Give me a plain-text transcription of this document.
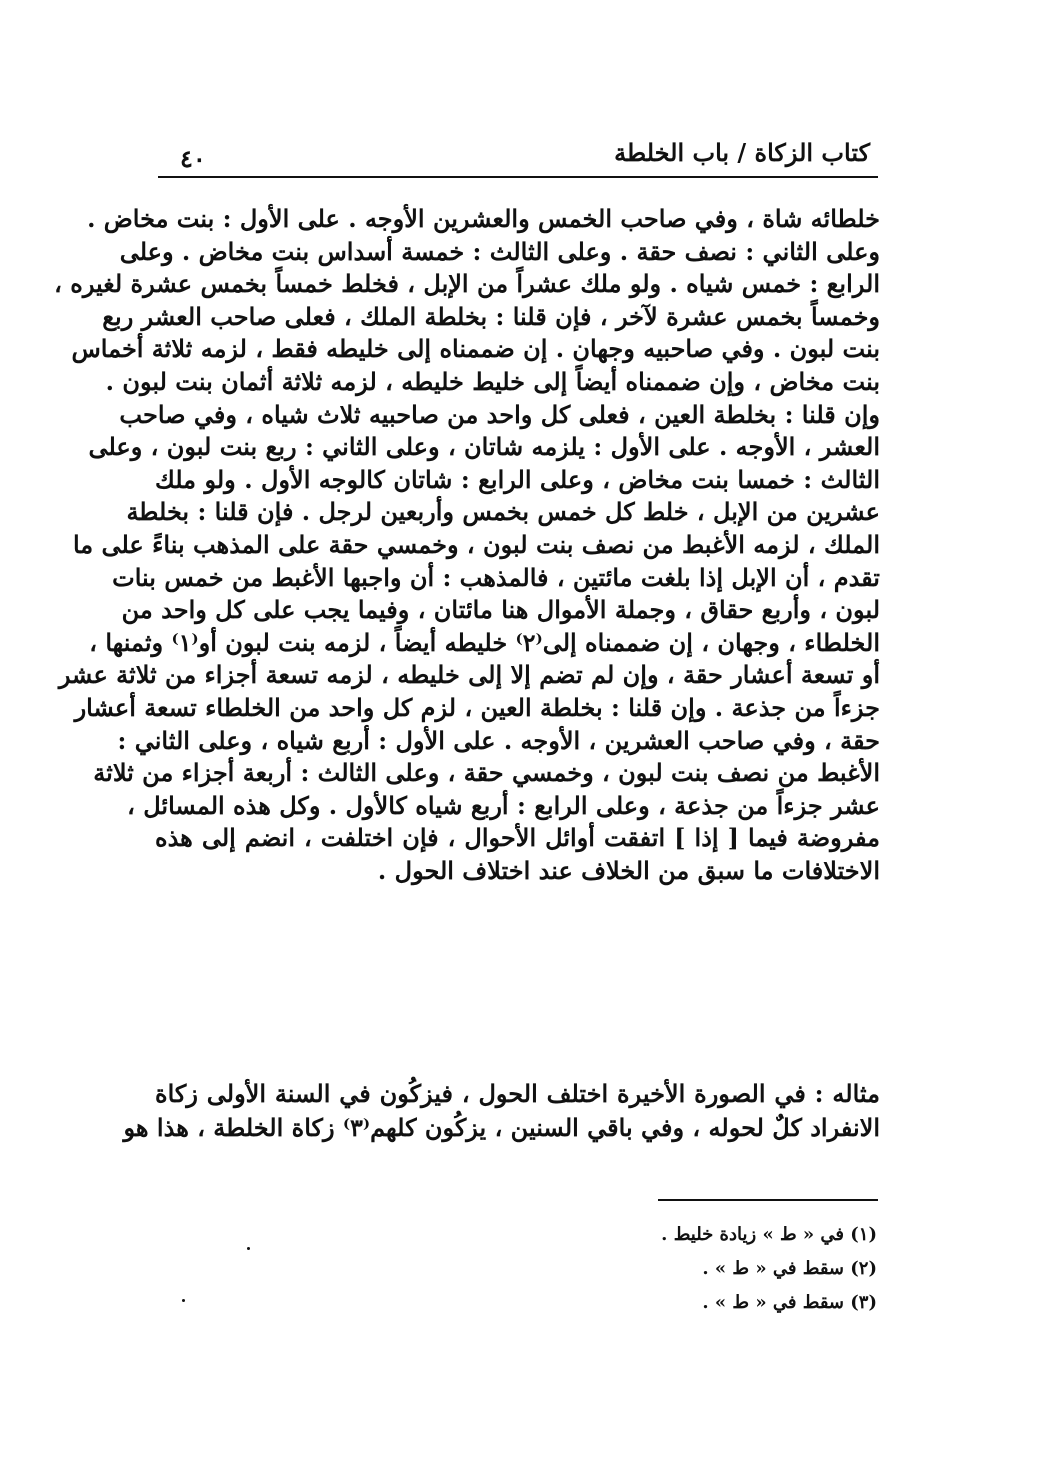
كتاب الزكاة / باب الخلطة
٤٠
خلطائه شاة ، وفي صاحب الخمس والعشرين الأوجه . على الأول : بنت مخاض .
وعلى الثاني : نصف حقة . وعلى الثالث : خمسة أسداس بنت مخاض . وعلى
الرابع : خمس شياه . ولو ملك عشراً من الإبل ، فخلط خمساً بخمس عشرة لغيره ،
وخمساً بخمس عشرة لآخر ، فإن قلنا : بخلطة الملك ، فعلى صاحب العشر ربع
بنت لبون . وفي صاحبيه وجهان . إن ضممناه إلى خليطه فقط ، لزمه ثلاثة أخماس
بنت مخاض ، وإن ضممناه أيضاً إلى خليط خليطه ، لزمه ثلاثة أثمان بنت لبون .
وإن قلنا : بخلطة العين ، فعلى كل واحد من صاحبيه ثلاث شياه ، وفي صاحب
العشر ، الأوجه . على الأول : يلزمه شاتان ، وعلى الثاني : ربع بنت لبون ، وعلى
الثالث : خمسا بنت مخاض ، وعلى الرابع : شاتان كالوجه الأول . ولو ملك
عشرين من الإبل ، خلط كل خمس بخمس وأربعين لرجل . فإن قلنا : بخلطة
الملك ، لزمه الأغبط من نصف بنت لبون ، وخمسي حقة على المذهب بناءً على ما
تقدم ، أن الإبل إذا بلغت مائتين ، فالمذهب : أن واجبها الأغبط من خمس بنات
لبون ، وأربع حقاق ، وجملة الأموال هنا مائتان ، وفيما يجب على كل واحد من
الخلطاء ، وجهان ، إن ضممناه إلى⁽٢⁾ خليطه أيضاً ، لزمه بنت لبون أو⁽١⁾ وثمنها ،
أو تسعة أعشار حقة ، وإن لم تضم إلا إلى خليطه ، لزمه تسعة أجزاء من ثلاثة عشر
جزءاً من جذعة . وإن قلنا : بخلطة العين ، لزم كل واحد من الخلطاء تسعة أعشار
حقة ، وفي صاحب العشرين ، الأوجه . على الأول : أربع شياه ، وعلى الثاني :
الأغبط من نصف بنت لبون ، وخمسي حقة ، وعلى الثالث : أربعة أجزاء من ثلاثة
عشر جزءاً من جذعة ، وعلى الرابع : أربع شياه كالأول . وكل هذه المسائل ،
مفروضة فيما [ إذا ] اتفقت أوائل الأحوال ، فإن اختلفت ، انضم إلى هذه
الاختلافات ما سبق من الخلاف عند اختلاف الحول .
مثاله : في الصورة الأخيرة اختلف الحول ، فيزكُون في السنة الأولى زكاة
الانفراد كلٌ لحوله ، وفي باقي السنين ، يزكُون كلهم⁽٣⁾ زكاة الخلطة ، هذا هو
(١) في « ط » زيادة خليط .
(٢) سقط في « ط » .
(٣) سقط في « ط » .
